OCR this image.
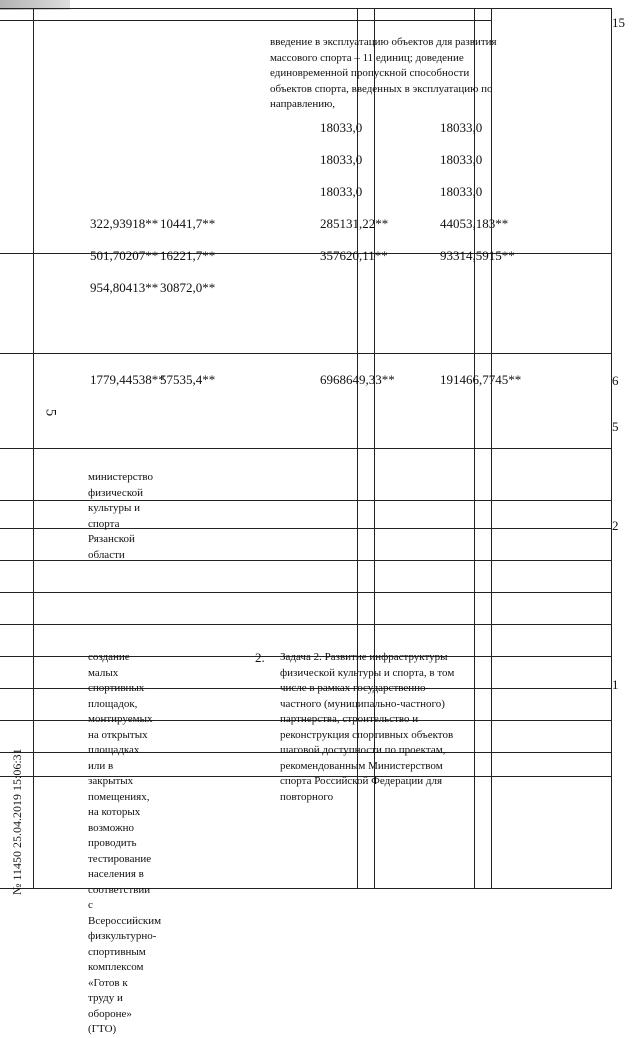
5
1
2
5
6
15
министерство физической культуры и спорта Рязанской области
создание малых спортивных площадок, монтируемых на открытых площадках или в закрытых помещениях, на которых возможно проводить тестирование населения в соответствии с Всероссийским физкультурно-спортивным комплексом «Готов к труду и обороне» (ГТО)
2.	Задача 2. Развитие инфраструктуры физической культуры и спорта, в том числе в рамках государственно-частного (муниципально-частного) партнерства, строительство и реконструкция спортивных объектов шаговой доступности по проектам, рекомендованным Министерством спорта Российской Федерации для повторного
введение в эксплуатацию объектов для развития массового спорта – 11 единиц; доведение единовременной пропускной способности объектов спорта, введенных в эксплуатацию по направлению,
1779,44538**
954,80413**
501,70207**
322,93918**
57535,4**
30872,0**
16221,7**
10441,7**
6968649,33**
357620,11**
285131,22**
18033,0
18033,0
18033,0
191466,7745**
93314,5915**
44053,183**
18033,0
18033,0
18033,0
№ 11450 25.04.2019 15:06:31
